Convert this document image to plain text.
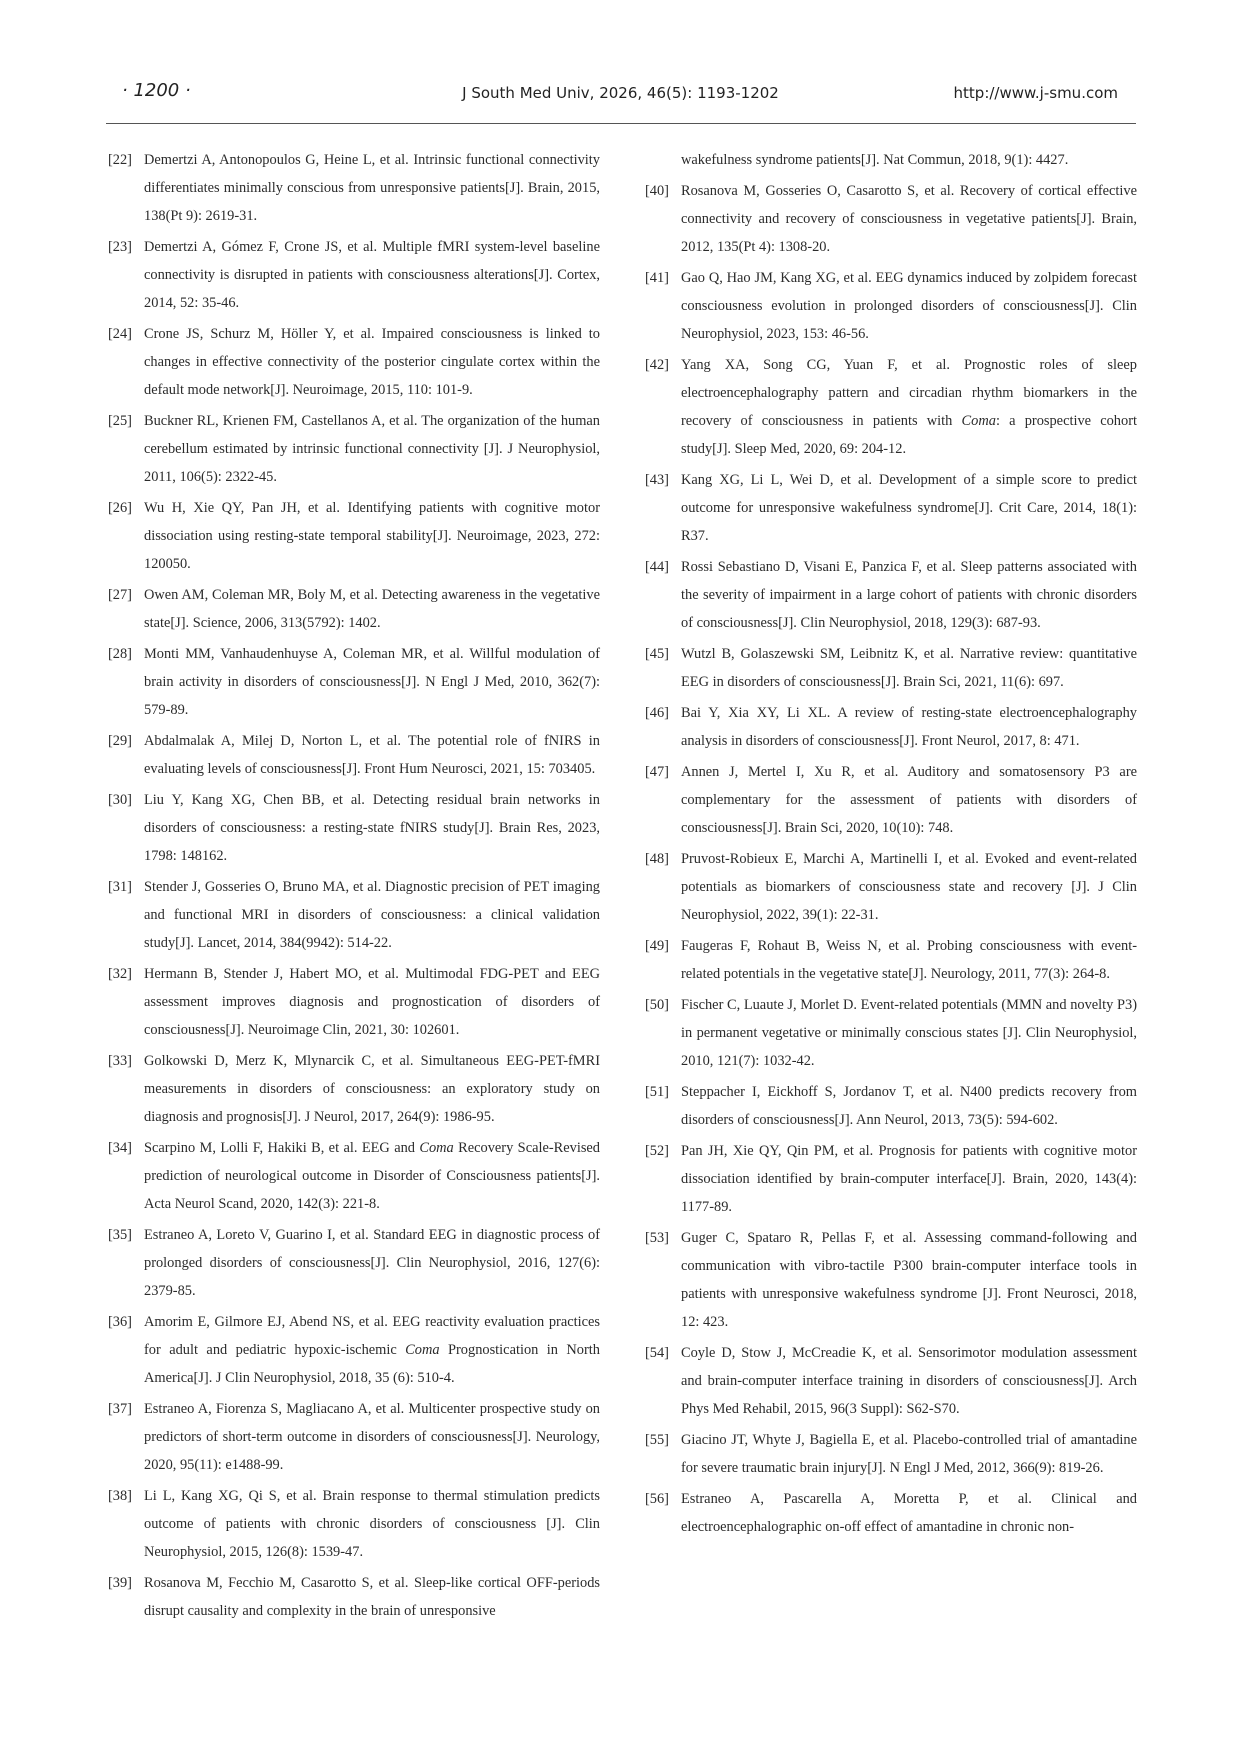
· 1200 ·	J South Med Univ, 2026, 46(5): 1193-1202	http://www.j-smu.com
[22] Demertzi A, Antonopoulos G, Heine L, et al. Intrinsic functional connectivity differentiates minimally conscious from unresponsive patients[J]. Brain, 2015, 138(Pt 9): 2619-31.
[23] Demertzi A, Gómez F, Crone JS, et al. Multiple fMRI system-level baseline connectivity is disrupted in patients with consciousness alterations[J]. Cortex, 2014, 52: 35-46.
[24] Crone JS, Schurz M, Höller Y, et al. Impaired consciousness is linked to changes in effective connectivity of the posterior cingulate cortex within the default mode network[J]. Neuroimage, 2015, 110: 101-9.
[25] Buckner RL, Krienen FM, Castellanos A, et al. The organization of the human cerebellum estimated by intrinsic functional connectivity [J]. J Neurophysiol, 2011, 106(5): 2322-45.
[26] Wu H, Xie QY, Pan JH, et al. Identifying patients with cognitive motor dissociation using resting-state temporal stability[J]. Neuroimage, 2023, 272: 120050.
[27] Owen AM, Coleman MR, Boly M, et al. Detecting awareness in the vegetative state[J]. Science, 2006, 313(5792): 1402.
[28] Monti MM, Vanhaudenhuyse A, Coleman MR, et al. Willful modulation of brain activity in disorders of consciousness[J]. N Engl J Med, 2010, 362(7): 579-89.
[29] Abdalmalak A, Milej D, Norton L, et al. The potential role of fNIRS in evaluating levels of consciousness[J]. Front Hum Neurosci, 2021, 15: 703405.
[30] Liu Y, Kang XG, Chen BB, et al. Detecting residual brain networks in disorders of consciousness: a resting-state fNIRS study[J]. Brain Res, 2023, 1798: 148162.
[31] Stender J, Gosseries O, Bruno MA, et al. Diagnostic precision of PET imaging and functional MRI in disorders of consciousness: a clinical validation study[J]. Lancet, 2014, 384(9942): 514-22.
[32] Hermann B, Stender J, Habert MO, et al. Multimodal FDG-PET and EEG assessment improves diagnosis and prognostication of disorders of consciousness[J]. Neuroimage Clin, 2021, 30: 102601.
[33] Golkowski D, Merz K, Mlynarcik C, et al. Simultaneous EEG-PET-fMRI measurements in disorders of consciousness: an exploratory study on diagnosis and prognosis[J]. J Neurol, 2017, 264(9): 1986-95.
[34] Scarpino M, Lolli F, Hakiki B, et al. EEG and Coma Recovery Scale-Revised prediction of neurological outcome in Disorder of Consciousness patients[J]. Acta Neurol Scand, 2020, 142(3): 221-8.
[35] Estraneo A, Loreto V, Guarino I, et al. Standard EEG in diagnostic process of prolonged disorders of consciousness[J]. Clin Neurophysiol, 2016, 127(6): 2379-85.
[36] Amorim E, Gilmore EJ, Abend NS, et al. EEG reactivity evaluation practices for adult and pediatric hypoxic-ischemic Coma Prognostication in North America[J]. J Clin Neurophysiol, 2018, 35 (6): 510-4.
[37] Estraneo A, Fiorenza S, Magliacano A, et al. Multicenter prospective study on predictors of short-term outcome in disorders of consciousness[J]. Neurology, 2020, 95(11): e1488-99.
[38] Li L, Kang XG, Qi S, et al. Brain response to thermal stimulation predicts outcome of patients with chronic disorders of consciousness [J]. Clin Neurophysiol, 2015, 126(8): 1539-47.
[39] Rosanova M, Fecchio M, Casarotto S, et al. Sleep-like cortical OFF-periods disrupt causality and complexity in the brain of unresponsive
wakefulness syndrome patients[J]. Nat Commun, 2018, 9(1): 4427.
[40] Rosanova M, Gosseries O, Casarotto S, et al. Recovery of cortical effective connectivity and recovery of consciousness in vegetative patients[J]. Brain, 2012, 135(Pt 4): 1308-20.
[41] Gao Q, Hao JM, Kang XG, et al. EEG dynamics induced by zolpidem forecast consciousness evolution in prolonged disorders of consciousness[J]. Clin Neurophysiol, 2023, 153: 46-56.
[42] Yang XA, Song CG, Yuan F, et al. Prognostic roles of sleep electroencephalography pattern and circadian rhythm biomarkers in the recovery of consciousness in patients with Coma: a prospective cohort study[J]. Sleep Med, 2020, 69: 204-12.
[43] Kang XG, Li L, Wei D, et al. Development of a simple score to predict outcome for unresponsive wakefulness syndrome[J]. Crit Care, 2014, 18(1): R37.
[44] Rossi Sebastiano D, Visani E, Panzica F, et al. Sleep patterns associated with the severity of impairment in a large cohort of patients with chronic disorders of consciousness[J]. Clin Neurophysiol, 2018, 129(3): 687-93.
[45] Wutzl B, Golaszewski SM, Leibnitz K, et al. Narrative review: quantitative EEG in disorders of consciousness[J]. Brain Sci, 2021, 11(6): 697.
[46] Bai Y, Xia XY, Li XL. A review of resting-state electroencephalography analysis in disorders of consciousness[J]. Front Neurol, 2017, 8: 471.
[47] Annen J, Mertel I, Xu R, et al. Auditory and somatosensory P3 are complementary for the assessment of patients with disorders of consciousness[J]. Brain Sci, 2020, 10(10): 748.
[48] Pruvost-Robieux E, Marchi A, Martinelli I, et al. Evoked and event-related potentials as biomarkers of consciousness state and recovery [J]. J Clin Neurophysiol, 2022, 39(1): 22-31.
[49] Faugeras F, Rohaut B, Weiss N, et al. Probing consciousness with event-related potentials in the vegetative state[J]. Neurology, 2011, 77(3): 264-8.
[50] Fischer C, Luaute J, Morlet D. Event-related potentials (MMN and novelty P3) in permanent vegetative or minimally conscious states [J]. Clin Neurophysiol, 2010, 121(7): 1032-42.
[51] Steppacher I, Eickhoff S, Jordanov T, et al. N400 predicts recovery from disorders of consciousness[J]. Ann Neurol, 2013, 73(5): 594-602.
[52] Pan JH, Xie QY, Qin PM, et al. Prognosis for patients with cognitive motor dissociation identified by brain-computer interface[J]. Brain, 2020, 143(4): 1177-89.
[53] Guger C, Spataro R, Pellas F, et al. Assessing command-following and communication with vibro-tactile P300 brain-computer interface tools in patients with unresponsive wakefulness syndrome [J]. Front Neurosci, 2018, 12: 423.
[54] Coyle D, Stow J, McCreadie K, et al. Sensorimotor modulation assessment and brain-computer interface training in disorders of consciousness[J]. Arch Phys Med Rehabil, 2015, 96(3 Suppl): S62-S70.
[55] Giacino JT, Whyte J, Bagiella E, et al. Placebo-controlled trial of amantadine for severe traumatic brain injury[J]. N Engl J Med, 2012, 366(9): 819-26.
[56] Estraneo A, Pascarella A, Moretta P, et al. Clinical and electroencephalographic on-off effect of amantadine in chronic non-
